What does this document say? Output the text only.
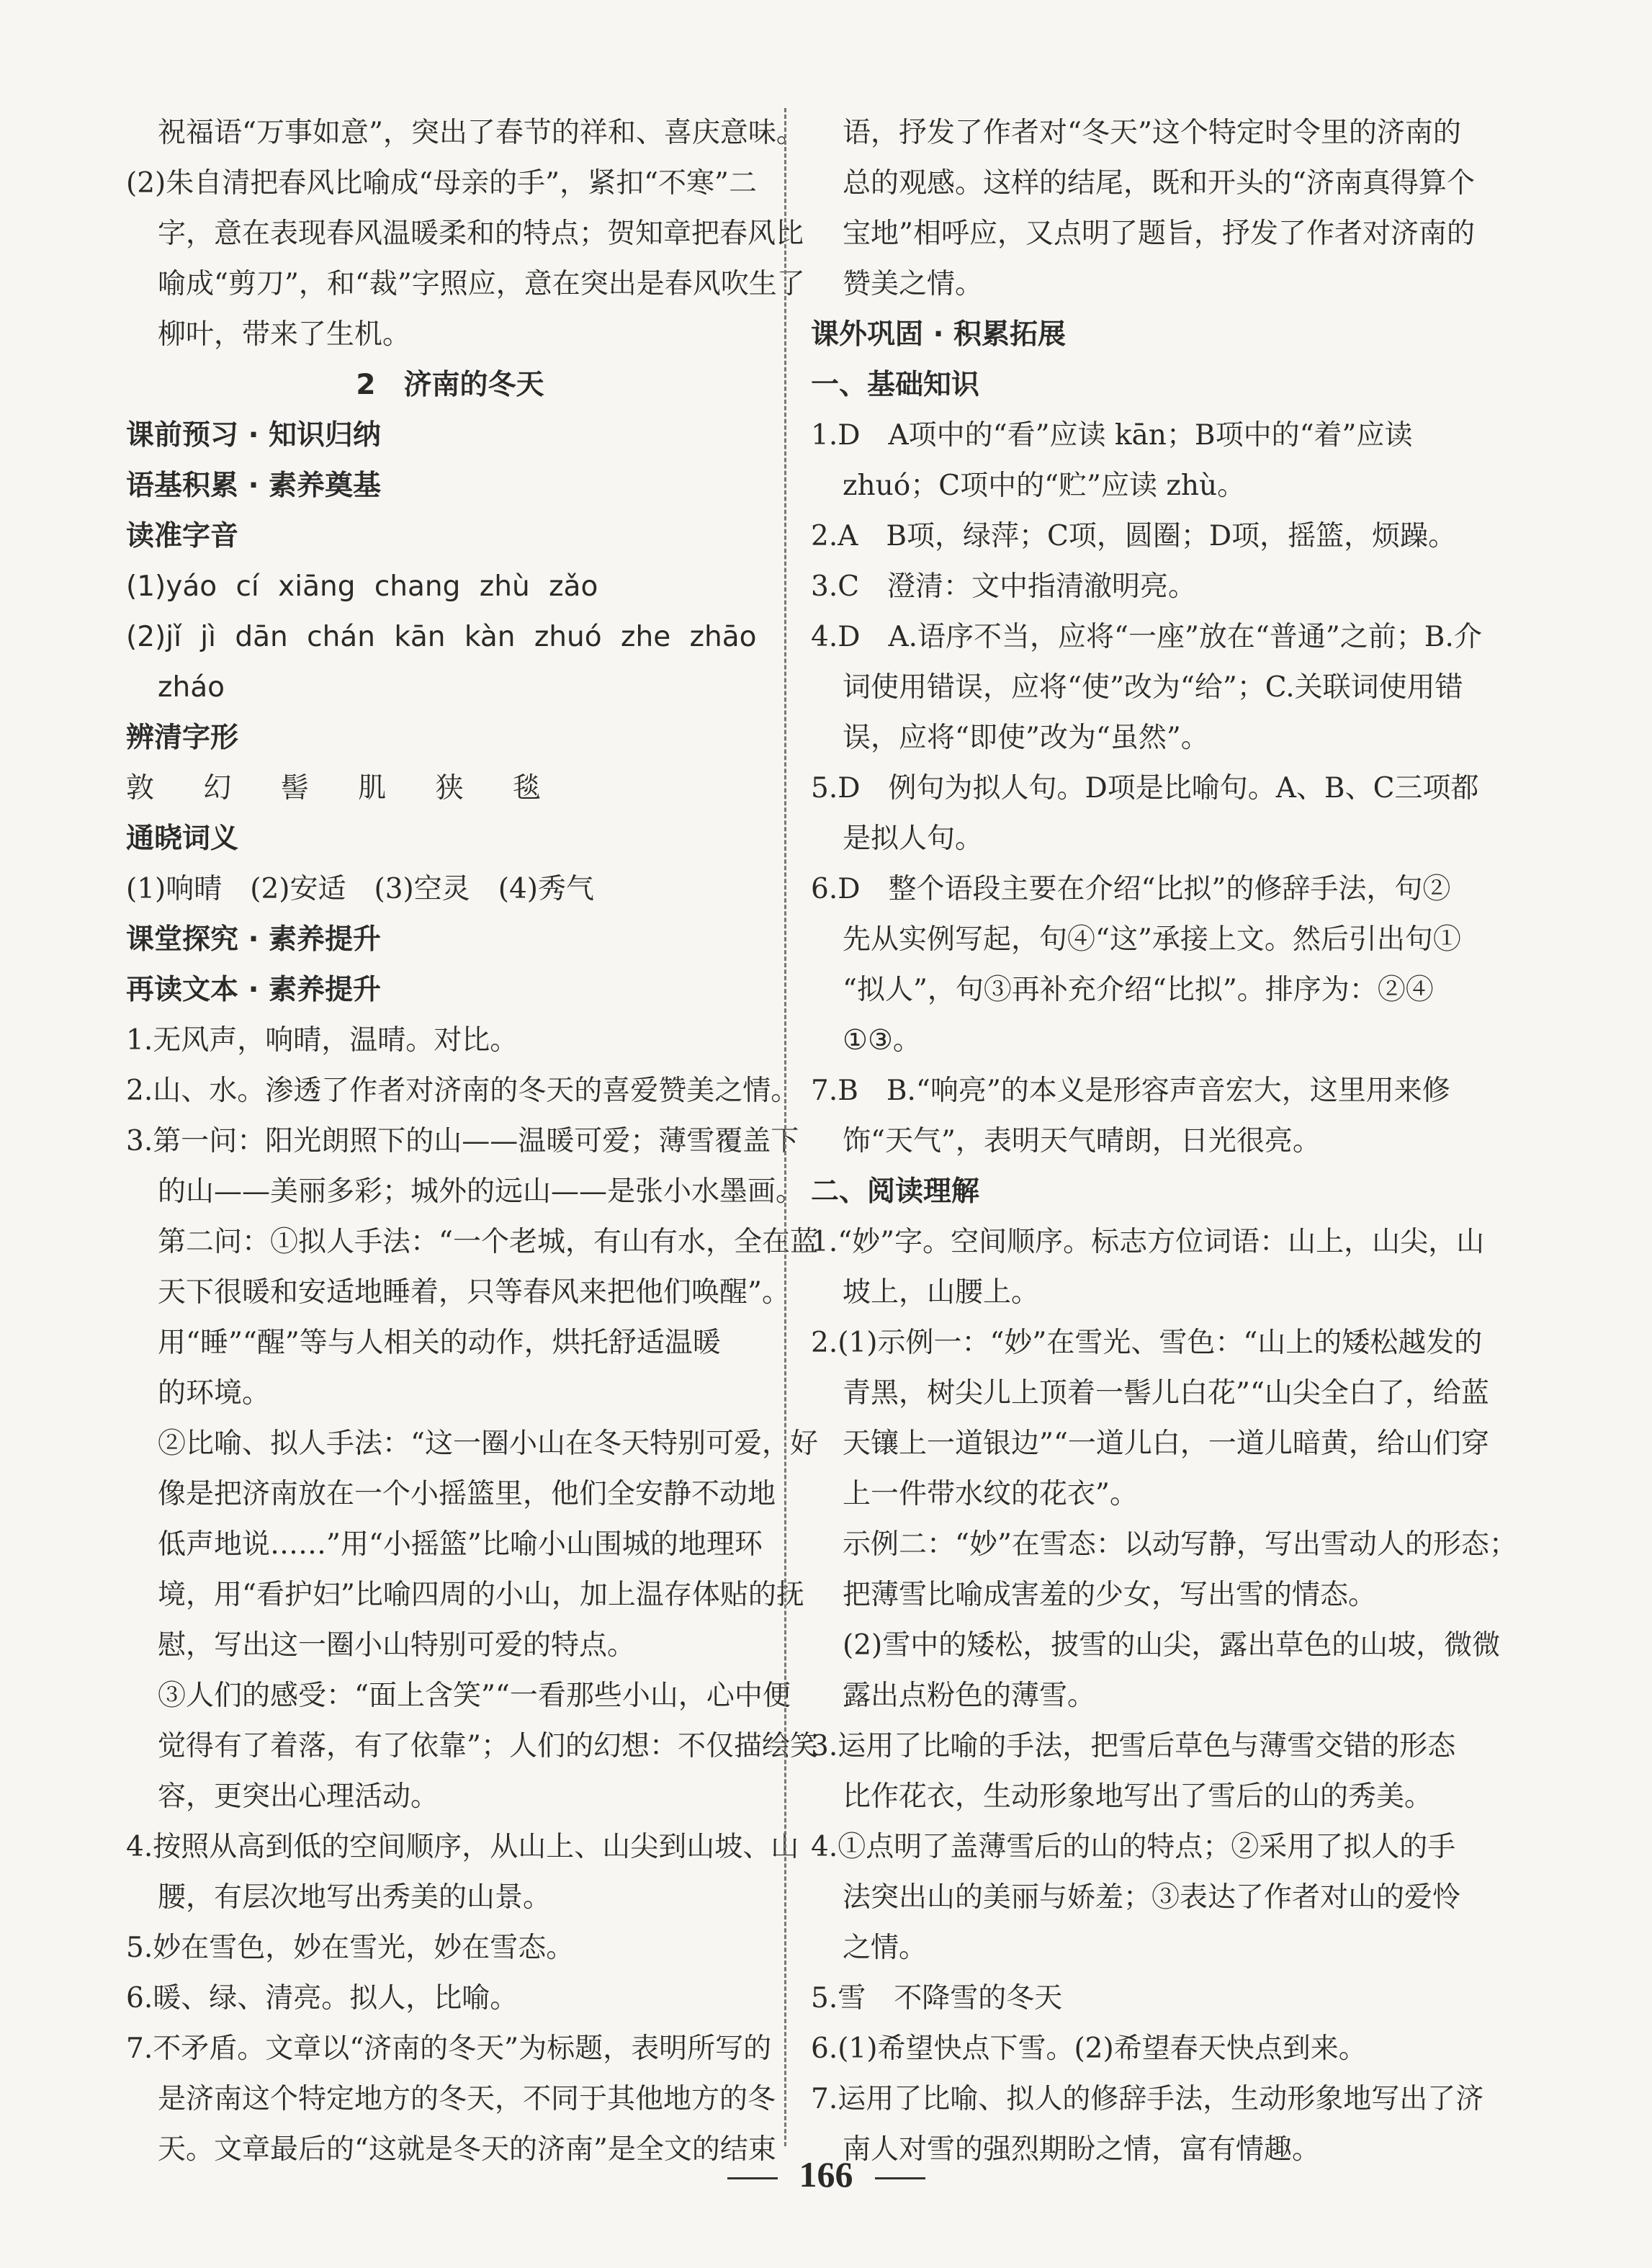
祝福语“万事如意”，突出了春节的祥和、喜庆意味。
(2)朱自清把春风比喻成“母亲的手”，紧扣“不寒”二
字，意在表现春风温暖柔和的特点；贺知章把春风比
喻成“剪刀”，和“裁”字照应，意在突出是春风吹生了
柳叶，带来了生机。
2　济南的冬天
课前预习 · 知识归纳
语基积累 · 素养奠基
读准字音
(1)yáo cí xiāng chang zhù zǎo
(2)jǐ jì dān chán kān kàn zhuó zhe zhāo
zháo
辨清字形
敦 幻 髻 肌 狭 毯
通晓词义
(1)响晴　(2)安适　(3)空灵　(4)秀气
课堂探究 · 素养提升
再读文本 · 素养提升
1.无风声，响晴，温晴。对比。
2.山、水。渗透了作者对济南的冬天的喜爱赞美之情。
3.第一问：阳光朗照下的山——温暖可爱；薄雪覆盖下
的山——美丽多彩；城外的远山——是张小水墨画。
第二问：①拟人手法：“一个老城，有山有水，全在蓝
天下很暖和安适地睡着，只等春风来把他们唤醒”。
用“睡”“醒”等与人相关的动作，烘托舒适温暖
的环境。
②比喻、拟人手法：“这一圈小山在冬天特别可爱，好
像是把济南放在一个小摇篮里，他们全安静不动地
低声地说……”用“小摇篮”比喻小山围城的地理环
境，用“看护妇”比喻四周的小山，加上温存体贴的抚
慰，写出这一圈小山特别可爱的特点。
③人们的感受：“面上含笑”“一看那些小山，心中便
觉得有了着落，有了依靠”；人们的幻想：不仅描绘笑
容，更突出心理活动。
4.按照从高到低的空间顺序，从山上、山尖到山坡、山
腰，有层次地写出秀美的山景。
5.妙在雪色，妙在雪光，妙在雪态。
6.暖、绿、清亮。拟人，比喻。
7.不矛盾。文章以“济南的冬天”为标题，表明所写的
是济南这个特定地方的冬天，不同于其他地方的冬
天。文章最后的“这就是冬天的济南”是全文的结束
语，抒发了作者对“冬天”这个特定时令里的济南的
总的观感。这样的结尾，既和开头的“济南真得算个
宝地”相呼应，又点明了题旨，抒发了作者对济南的
赞美之情。
课外巩固 · 积累拓展
一、基础知识
1.D　A项中的“看”应读 kān；B项中的“着”应读
zhuó；C项中的“贮”应读 zhù。
2.A　B项，绿萍；C项，圆圈；D项，摇篮，烦躁。
3.C　澄清：文中指清澈明亮。
4.D　A.语序不当，应将“一座”放在“普通”之前；B.介
词使用错误，应将“使”改为“给”；C.关联词使用错
误，应将“即使”改为“虽然”。
5.D　例句为拟人句。D项是比喻句。A、B、C三项都
是拟人句。
6.D　整个语段主要在介绍“比拟”的修辞手法，句②
先从实例写起，句④“这”承接上文。然后引出句①
“拟人”，句③再补充介绍“比拟”。排序为：②④
①③。
7.B　B.“响亮”的本义是形容声音宏大，这里用来修
饰“天气”，表明天气晴朗，日光很亮。
二、阅读理解
1.“妙”字。空间顺序。标志方位词语：山上，山尖，山
坡上，山腰上。
2.(1)示例一：“妙”在雪光、雪色：“山上的矮松越发的
青黑，树尖儿上顶着一髻儿白花”“山尖全白了，给蓝
天镶上一道银边”“一道儿白，一道儿暗黄，给山们穿
上一件带水纹的花衣”。
示例二：“妙”在雪态：以动写静，写出雪动人的形态；
把薄雪比喻成害羞的少女，写出雪的情态。
(2)雪中的矮松，披雪的山尖，露出草色的山坡，微微
露出点粉色的薄雪。
3.运用了比喻的手法，把雪后草色与薄雪交错的形态
比作花衣，生动形象地写出了雪后的山的秀美。
4.①点明了盖薄雪后的山的特点；②采用了拟人的手
法突出山的美丽与娇羞；③表达了作者对山的爱怜
之情。
5.雪　不降雪的冬天
6.(1)希望快点下雪。(2)希望春天快点到来。
7.运用了比喻、拟人的修辞手法，生动形象地写出了济
南人对雪的强烈期盼之情，富有情趣。
166
